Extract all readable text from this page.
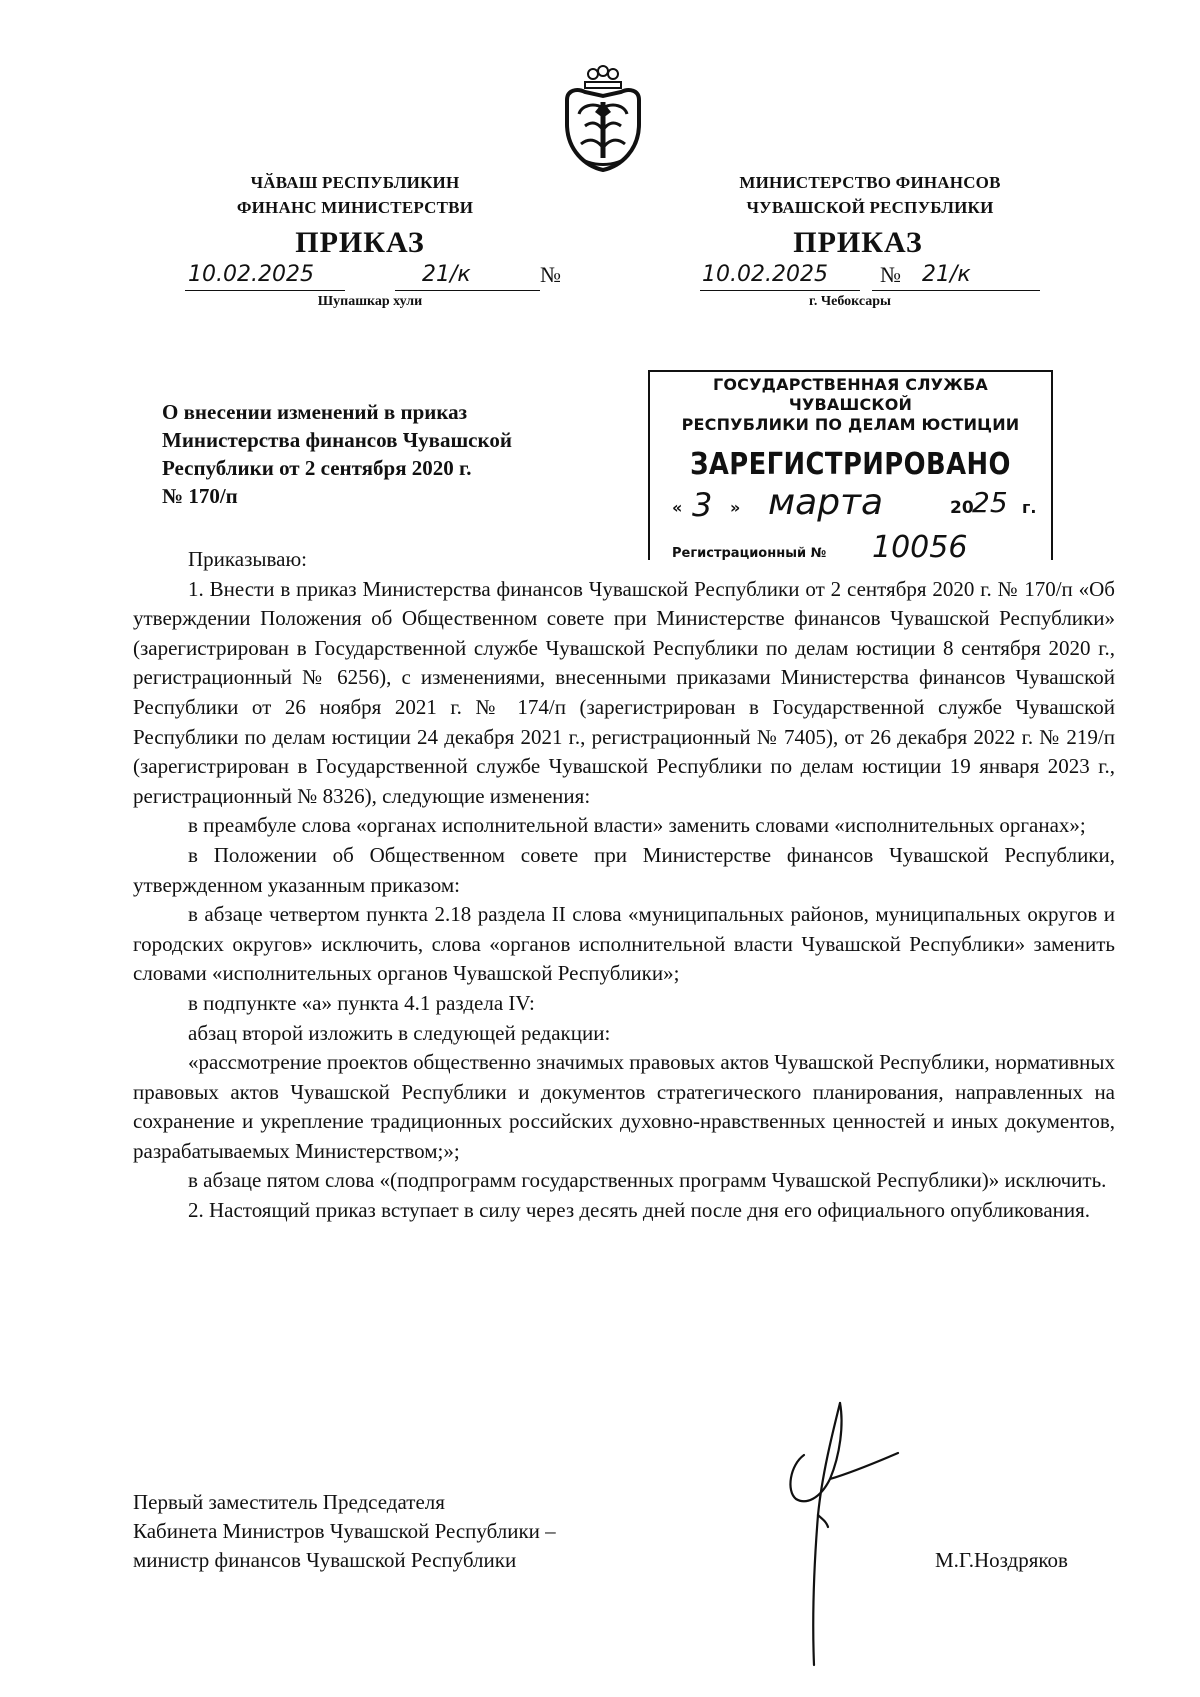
ЧӐВАШ РЕСПУБЛИКИН
ФИНАНС МИНИСТЕРСТВИ
ПРИКАЗ
10.02.2025	21/к	№
Шупашкар хули
МИНИСТЕРСТВО ФИНАНСОВ
ЧУВАШСКОЙ РЕСПУБЛИКИ
ПРИКАЗ
10.02.2025 № 21/к
г. Чебоксары
ГОСУДАРСТВЕННАЯ СЛУЖБА ЧУВАШСКОЙ
РЕСПУБЛИКИ ПО ДЕЛАМ ЮСТИЦИИ
ЗАРЕГИСТРИРОВАНО
« 3 » марта	20
25 г.
Регистрационный № 10056
О внесении изменений в приказ
Министерства финансов Чувашской
Республики от 2 сентября 2020 г.
№ 170/п

Приказываю:

1. Внести в приказ Министерства финансов Чувашской Республики от 2 сентября 2020 г. № 170/п «Об утверждении Положения об Общественном совете при Министерстве финансов Чувашской Республики» (зарегистрирован в Государственной службе Чувашской Республики по делам юстиции 8 сентября 2020 г., регистрационный № 6256), с изменениями, внесенными приказами Министерства финансов Чувашской Республики от 26 ноября 2021 г. № 174/п (зарегистрирован в Государственной службе Чувашской Республики по делам юстиции 24 декабря 2021 г., регистрационный № 7405), от 26 декабря 2022 г. № 219/п (зарегистрирован в Государственной службе Чувашской Республики по делам юстиции 19 января 2023 г., регистрационный № 8326), следующие изменения:

в преамбуле слова «органах исполнительной власти» заменить словами «исполнительных органах»;

в Положении об Общественном совете при Министерстве финансов Чувашской Республики, утвержденном указанным приказом:

в абзаце четвертом пункта 2.18 раздела II слова «муниципальных районов, муниципальных округов и городских округов» исключить, слова «органов исполнительной власти Чувашской Республики» заменить словами «исполнительных органов Чувашской Республики»;

в подпункте «а» пункта 4.1 раздела IV:

абзац второй изложить в следующей редакции:

«рассмотрение проектов общественно значимых правовых актов Чувашской Республики, нормативных правовых актов Чувашской Республики и документов стратегического планирования, направленных на сохранение и укрепление традиционных российских духовно-нравственных ценностей и иных документов, разрабатываемых Министерством;»;

в абзаце пятом слова «(подпрограмм государственных программ Чувашской Республики)» исключить.

2. Настоящий приказ вступает в силу через десять дней после дня его официального опубликования.

Первый заместитель Председателя
Кабинета Министров Чувашской Республики –
министр финансов Чувашской Республики	М.Г.Ноздряков
